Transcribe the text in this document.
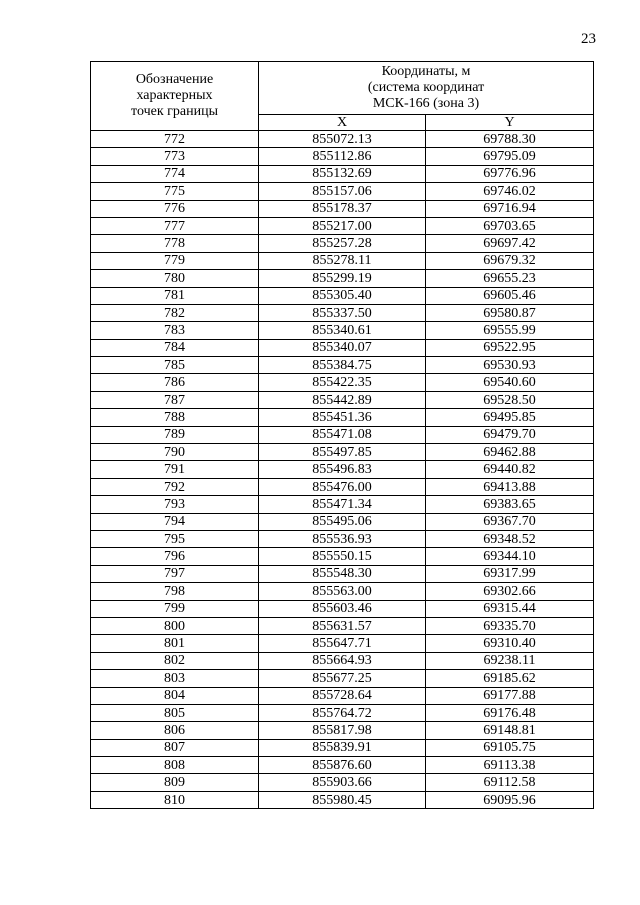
23
Обозначение
характерных
точек границы	Координаты, м
(система координат
МСК-166 (зона 3)	

	X	Y
772	855072.13	69788.30
773	855112.86	69795.09
774	855132.69	69776.96
775	855157.06	69746.02
776	855178.37	69716.94
777	855217.00	69703.65
778	855257.28	69697.42
779	855278.11	69679.32
780	855299.19	69655.23
781	855305.40	69605.46
782	855337.50	69580.87
783	855340.61	69555.99
784	855340.07	69522.95
785	855384.75	69530.93
786	855422.35	69540.60
787	855442.89	69528.50
788	855451.36	69495.85
789	855471.08	69479.70
790	855497.85	69462.88
791	855496.83	69440.82
792	855476.00	69413.88
793	855471.34	69383.65
794	855495.06	69367.70
795	855536.93	69348.52
796	855550.15	69344.10
797	855548.30	69317.99
798	855563.00	69302.66
799	855603.46	69315.44
800	855631.57	69335.70
801	855647.71	69310.40
802	855664.93	69238.11
803	855677.25	69185.62
804	855728.64	69177.88
805	855764.72	69176.48
806	855817.98	69148.81
807	855839.91	69105.75
808	855876.60	69113.38
809	855903.66	69112.58
810	855980.45	69095.96
